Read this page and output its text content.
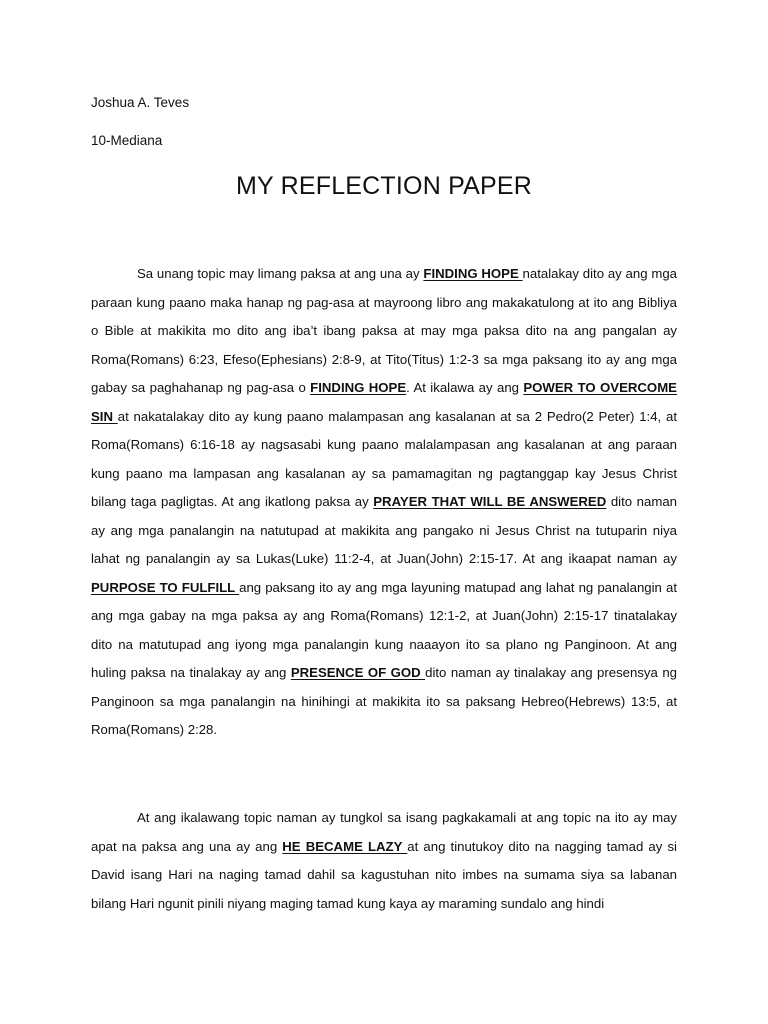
Joshua A. Teves
10-Mediana
MY REFLECTION PAPER

Sa unang topic may limang paksa at ang una ay FINDING HOPE natalakay dito ay ang mga paraan kung paano maka hanap ng pag-asa at mayroong libro ang makakatulong at ito ang Bibliya o Bible at makikita mo dito ang iba’t ibang paksa at may mga paksa dito na ang pangalan ay Roma(Romans) 6:23, Efeso(Ephesians) 2:8-9, at Tito(Titus) 1:2-3 sa mga paksang ito ay ang mga gabay sa paghahanap ng pag-asa o FINDING HOPE. At ikalawa ay ang POWER TO OVERCOME SIN at nakatalakay dito ay kung paano malampasan ang kasalanan at sa 2 Pedro(2 Peter) 1:4, at Roma(Romans) 6:16-18 ay nagsasabi kung paano malalampasan ang kasalanan at ang paraan kung paano ma lampasan ang kasalanan ay sa pamamagitan ng pagtanggap kay Jesus Christ bilang taga pagligtas. At ang ikatlong paksa ay PRAYER THAT WILL BE ANSWERED dito naman ay ang mga panalangin na natutupad at makikita ang pangako ni Jesus Christ na tutuparin niya lahat ng panalangin ay sa Lukas(Luke) 11:2-4, at Juan(John) 2:15-17. At ang ikaapat naman ay PURPOSE TO FULFILL ang paksang ito ay ang mga layuning matupad ang lahat ng panalangin at ang mga gabay na mga paksa ay ang Roma(Romans) 12:1-2, at Juan(John) 2:15-17 tinatalakay dito na matutupad ang iyong mga panalangin kung naaayon ito sa plano ng Panginoon. At ang huling paksa na tinalakay ay ang PRESENCE OF GOD dito naman ay tinalakay ang presensya ng Panginoon sa mga panalangin na hinihingi at makikita ito sa paksang Hebreo(Hebrews) 13:5, at Roma(Romans) 2:28.

At ang ikalawang topic naman ay tungkol sa isang pagkakamali at ang topic na ito ay may apat na paksa ang una ay ang HE BECAME LAZY at ang tinutukoy dito na nagging tamad ay si David isang Hari na naging tamad dahil sa kagustuhan nito imbes na sumama siya sa labanan bilang Hari ngunit pinili niyang maging tamad kung kaya ay maraming sundalo ang hindi
